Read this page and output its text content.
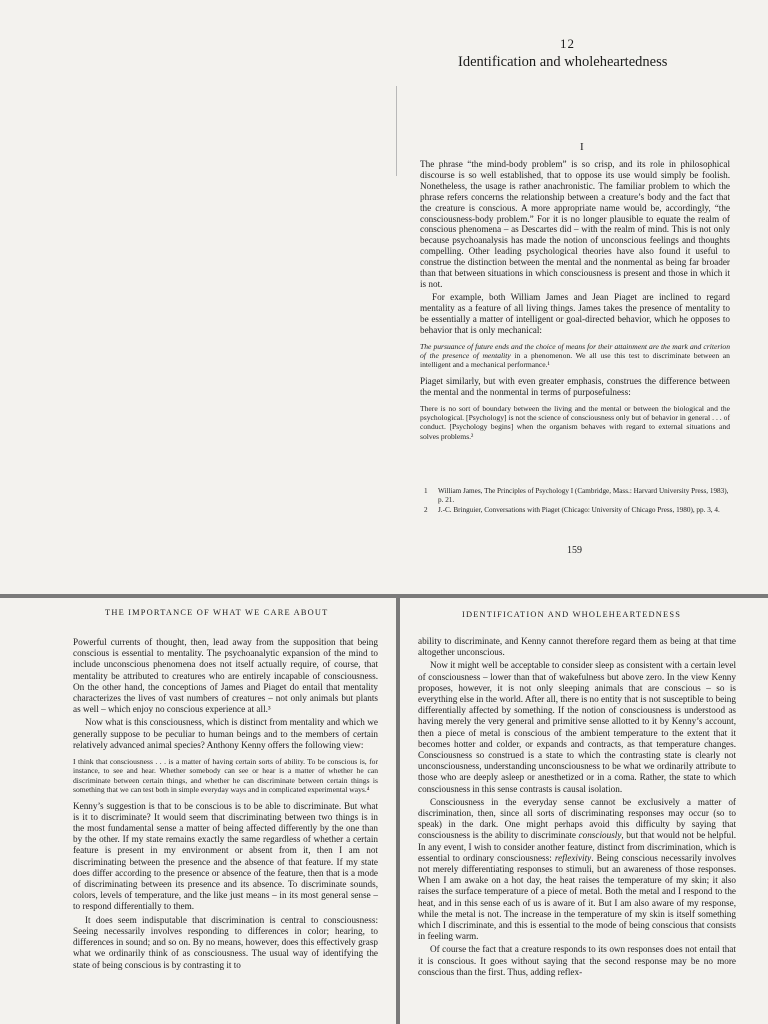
12
Identification and wholeheartedness
I

The phrase “the mind-body problem” is so crisp, and its role in philosophical discourse is so well established, that to oppose its use would simply be foolish. Nonetheless, the usage is rather anachronistic. The familiar problem to which the phrase refers concerns the relationship between a creature’s body and the fact that the creature is conscious. A more appropriate name would be, accordingly, “the consciousness-body problem.” For it is no longer plausible to equate the realm of conscious phenomena – as Descartes did – with the realm of mind. This is not only because psychoanalysis has made the notion of unconscious feelings and thoughts compelling. Other leading psychological theories have also found it useful to construe the distinction between the mental and the nonmental as being far broader than that between situations in which consciousness is present and those in which it is not.

For example, both William James and Jean Piaget are inclined to regard mentality as a feature of all living things. James takes the presence of mentality to be essentially a matter of intelligent or goal-directed behavior, which he opposes to behavior that is only mechanical:

The pursuance of future ends and the choice of means for their attainment are the mark and criterion of the presence of mentality in a phenomenon. We all use this test to discriminate between an intelligent and a mechanical performance.¹

Piaget similarly, but with even greater emphasis, construes the difference between the mental and the nonmental in terms of purposefulness:

There is no sort of boundary between the living and the mental or between the biological and the psychological. [Psychology] is not the science of consciousness only but of behavior in general . . . of conduct. [Psychology begins] when the organism behaves with regard to external situations and solves problems.²
1 William James, The Principles of Psychology I (Cambridge, Mass.: Harvard University Press, 1983), p. 21.
2 J.-C. Bringuier, Conversations with Piaget (Chicago: University of Chicago Press, 1980), pp. 3, 4.
159
THE IMPORTANCE OF WHAT WE CARE ABOUT

Powerful currents of thought, then, lead away from the supposition that being conscious is essential to mentality. The psychoanalytic expansion of the mind to include unconscious phenomena does not itself actually require, of course, that mentality be attributed to creatures who are entirely incapable of consciousness. On the other hand, the conceptions of James and Piaget do entail that mentality characterizes the lives of vast numbers of creatures – not only animals but plants as well – which enjoy no conscious experience at all.³

Now what is this consciousness, which is distinct from mentality and which we generally suppose to be peculiar to human beings and to the members of certain relatively advanced animal species? Anthony Kenny offers the following view:

I think that consciousness . . . is a matter of having certain sorts of ability. To be conscious is, for instance, to see and hear. Whether somebody can see or hear is a matter of whether he can discriminate between certain things, and whether he can discriminate between certain things is something that we can test both in simple everyday ways and in complicated experimental ways.⁴

Kenny’s suggestion is that to be conscious is to be able to discriminate. But what is it to discriminate? It would seem that discriminating between two things is in the most fundamental sense a matter of being affected differently by the one than by the other. If my state remains exactly the same regardless of whether a certain feature is present in my environment or absent from it, then I am not discriminating between the presence and the absence of that feature. If my state does differ according to the presence or absence of the feature, then that is a mode of discriminating between its presence and its absence. To discriminate sounds, colors, levels of temperature, and the like just means – in its most general sense – to respond differentially to them.

It does seem indisputable that discrimination is central to consciousness: Seeing necessarily involves responding to differences in color; hearing, to differences in sound; and so on. By no means, however, does this effectively grasp what we ordinarily think of as consciousness. The usual way of identifying the state of being conscious is by contrasting it to

IDENTIFICATION AND WHOLEHEARTEDNESS

ability to discriminate, and Kenny cannot therefore regard them as being at that time altogether unconscious.

Now it might well be acceptable to consider sleep as consistent with a certain level of consciousness – lower than that of wakefulness but above zero. In the view Kenny proposes, however, it is not only sleeping animals that are conscious – so is everything else in the world. After all, there is no entity that is not susceptible to being differentially affected by something. If the notion of consciousness is understood as having merely the very general and primitive sense allotted to it by Kenny’s account, then a piece of metal is conscious of the ambient temperature to the extent that it becomes hotter and colder, or expands and contracts, as that temperature changes. Consciousness so construed is a state to which the contrasting state is clearly not unconsciousness, understanding unconsciousness to be what we ordinarily attribute to those who are deeply asleep or anesthetized or in a coma. Rather, the state to which consciousness in this sense contrasts is causal isolation.

Consciousness in the everyday sense cannot be exclusively a matter of discrimination, then, since all sorts of discriminating responses may occur (so to speak) in the dark. One might perhaps avoid this difficulty by saying that consciousness is the ability to discriminate consciously, but that would not be helpful. In any event, I wish to consider another feature, distinct from discrimination, which is essential to ordinary consciousness: reflexivity. Being conscious necessarily involves not merely differentiating responses to stimuli, but an awareness of those responses. When I am awake on a hot day, the heat raises the temperature of my skin; it also raises the surface temperature of a piece of metal. Both the metal and I respond to the heat, and in this sense each of us is aware of it. But I am also aware of my response, while the metal is not. The increase in the temperature of my skin is itself something which I discriminate, and this is essential to the mode of being conscious that consists in feeling warm.

Of course the fact that a creature responds to its own responses does not entail that it is conscious. It goes without saying that the second response may be no more conscious than the first. Thus, adding reflex-
